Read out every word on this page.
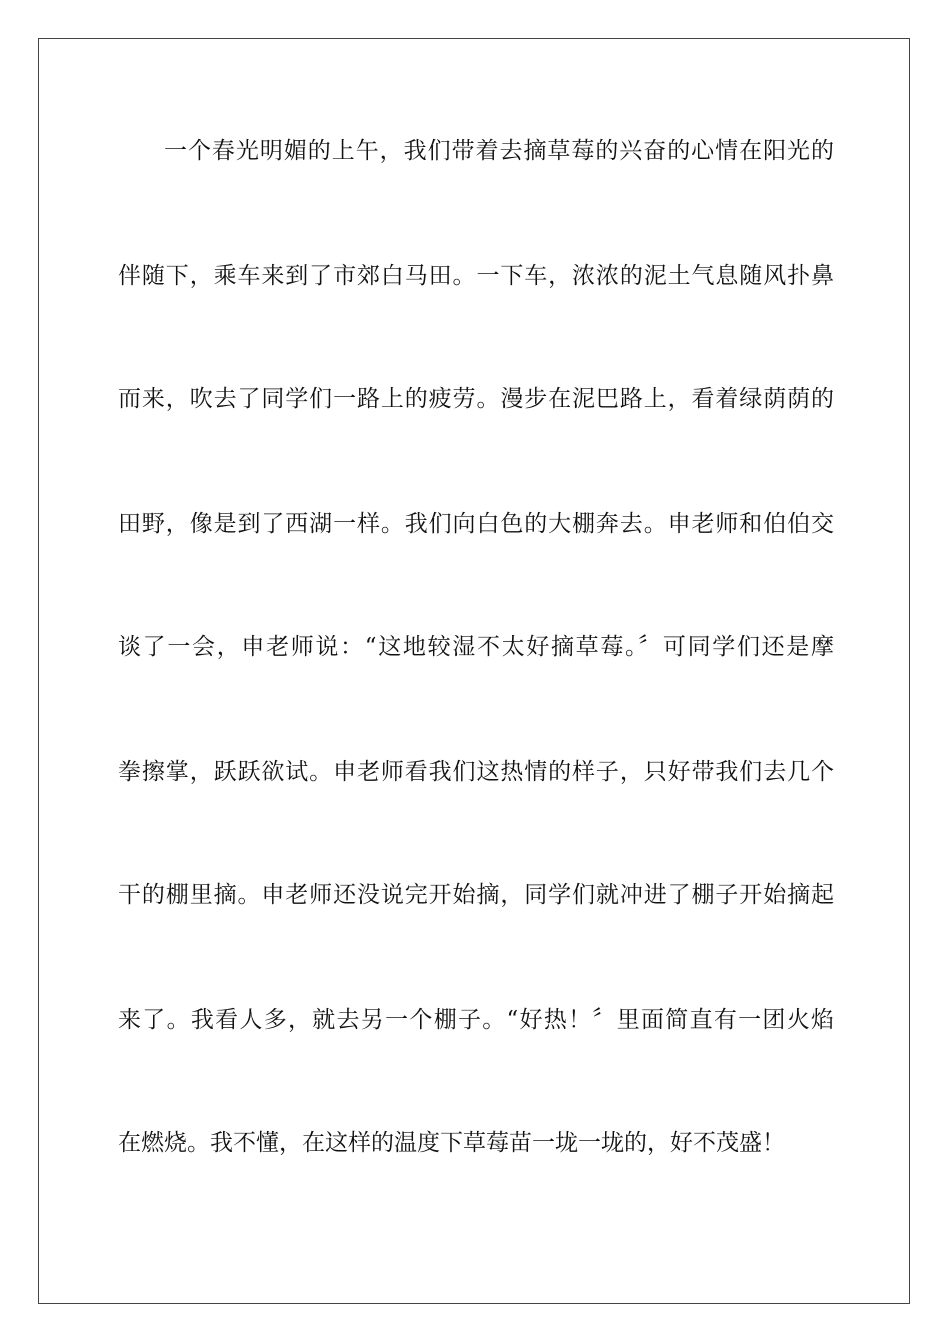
一个春光明媚的上午，我们带着去摘草莓的兴奋的心情在阳光的
伴随下，乘车来到了市郊白马田。一下车，浓浓的泥土气息随风扑鼻
而来，吹去了同学们一路上的疲劳。漫步在泥巴路上，看着绿荫荫的
田野，像是到了西湖一样。我们向白色的大棚奔去。申老师和伯伯交
谈了一会，申老师说：“这地较湿不太好摘草莓。〞可同学们还是摩
拳擦掌，跃跃欲试。申老师看我们这热情的样子，只好带我们去几个
干的棚里摘。申老师还没说完开始摘，同学们就冲进了棚子开始摘起
来了。我看人多，就去另一个棚子。“好热！〞里面简直有一团火焰
在燃烧。我不懂，在这样的温度下草莓苗一垅一垅的，好不茂盛！
